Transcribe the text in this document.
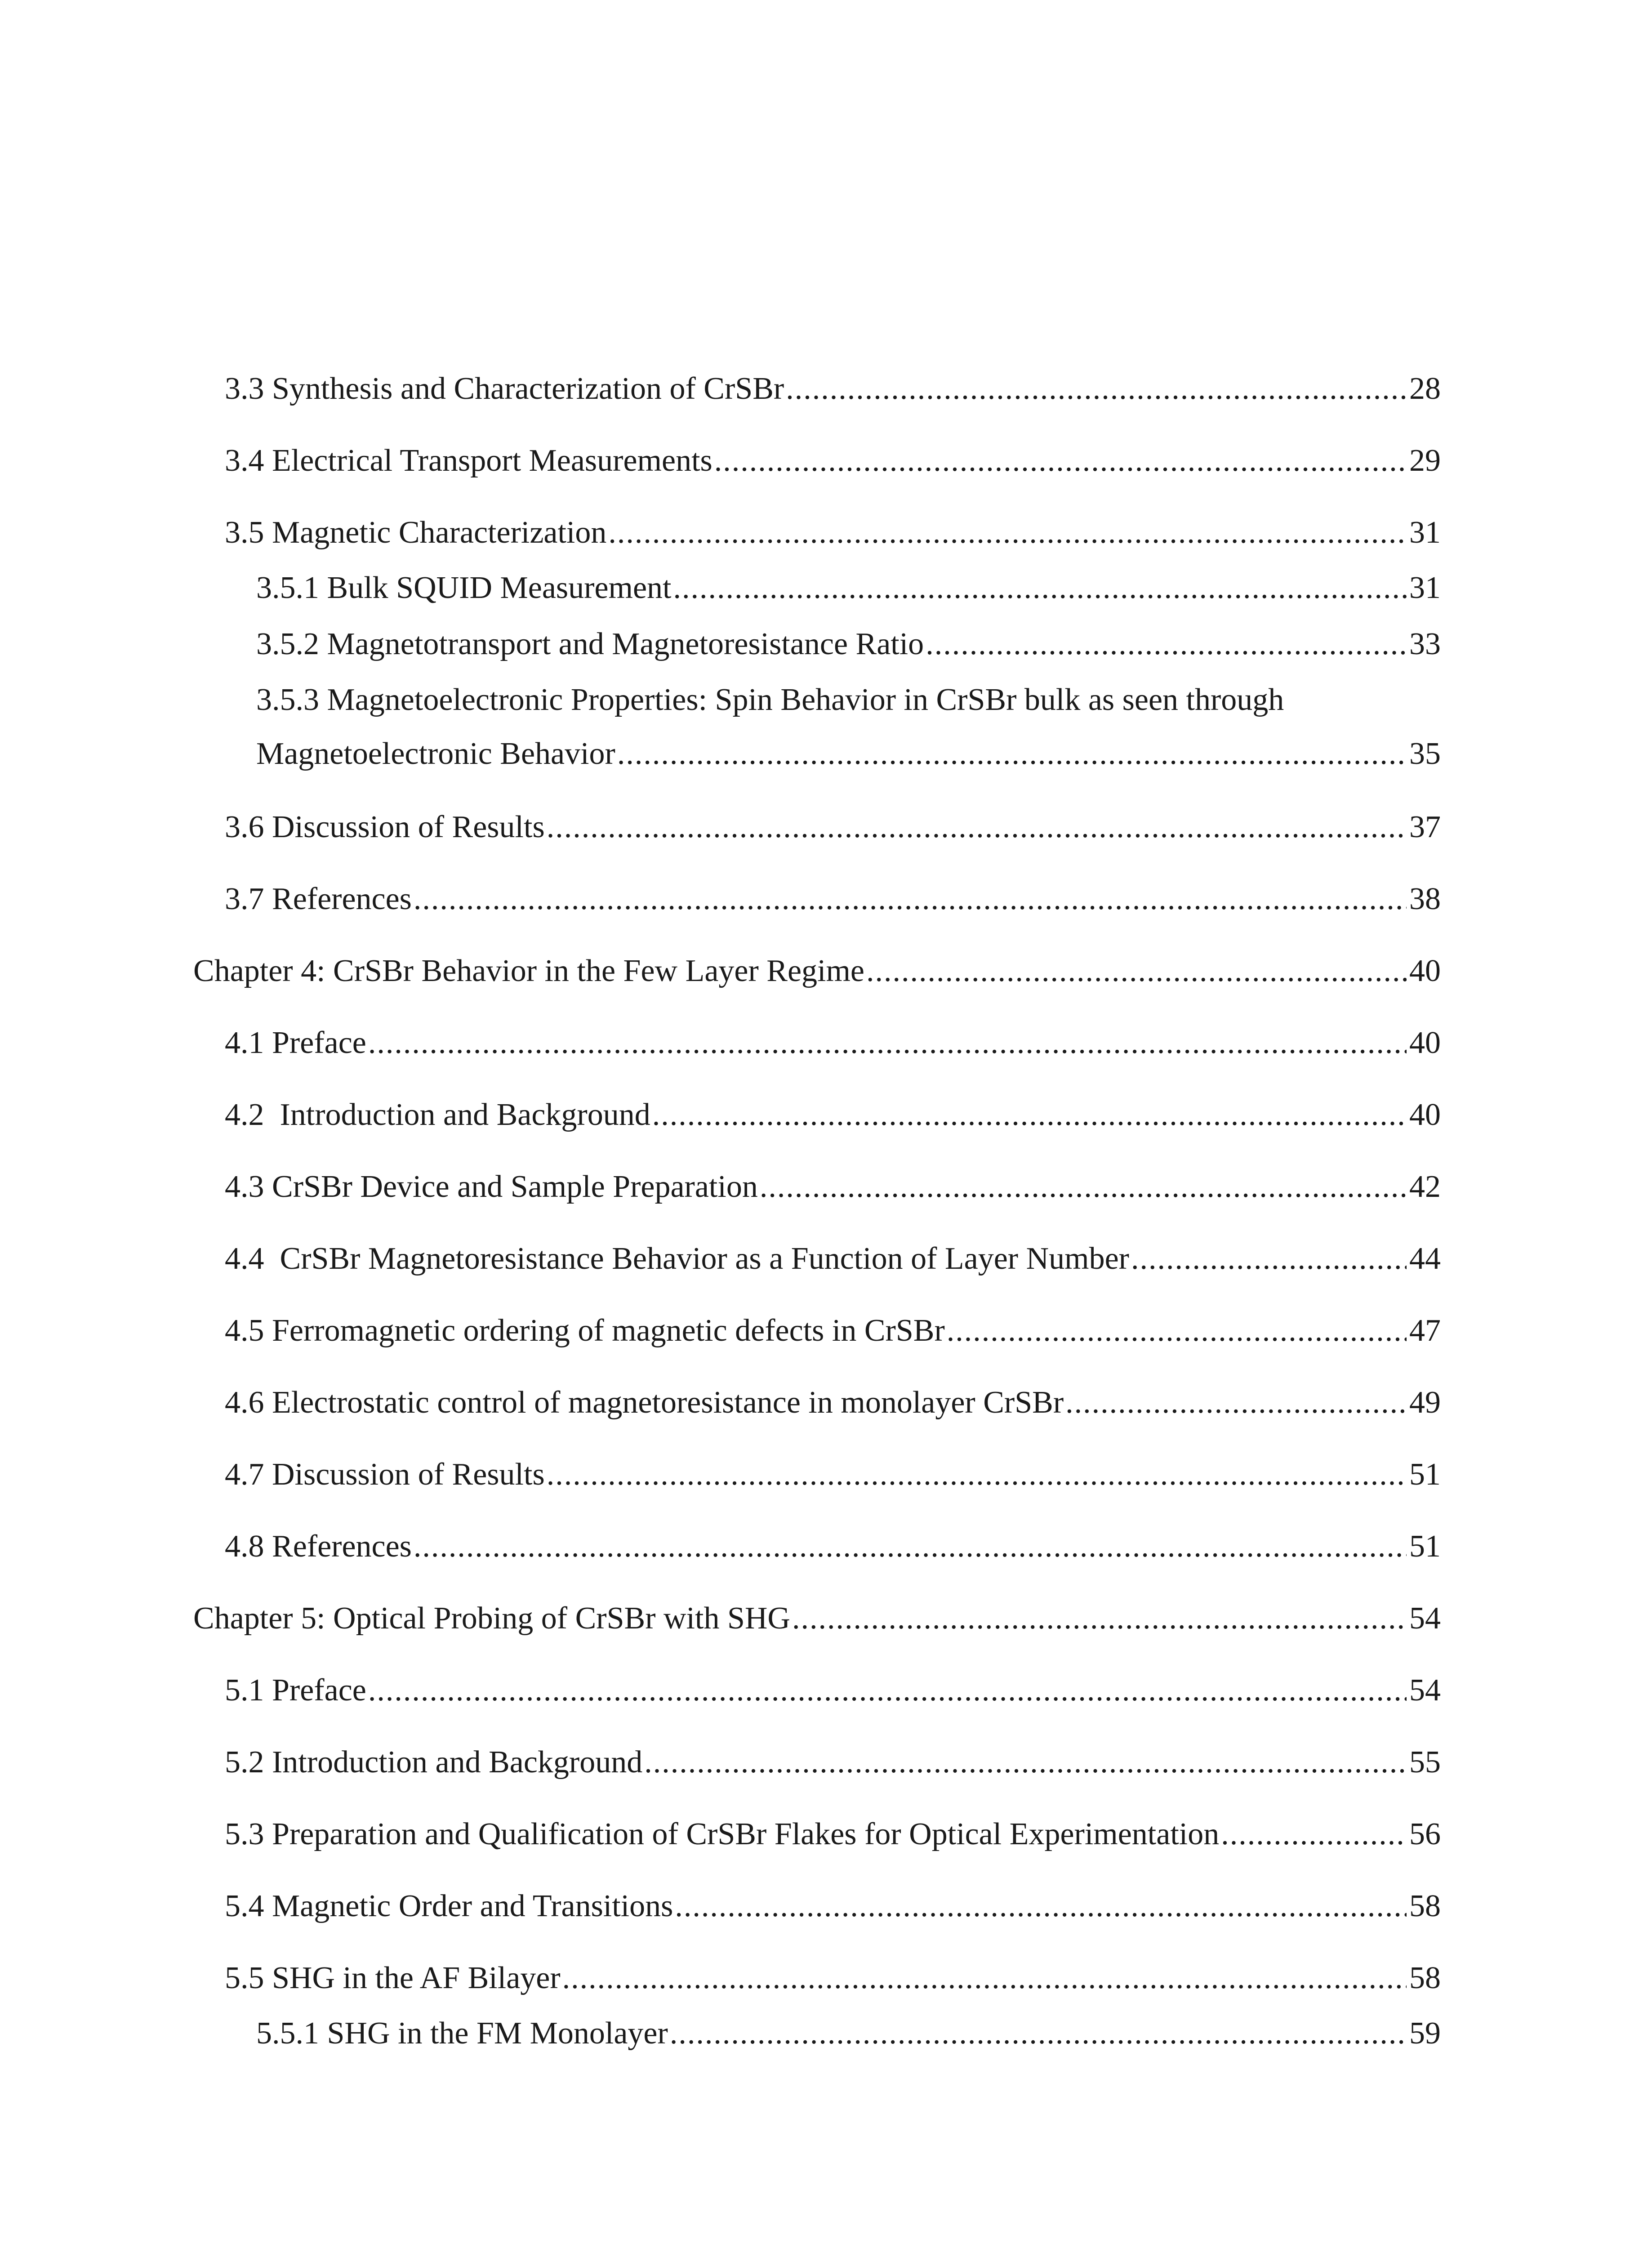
3.3 Synthesis and Characterization of CrSBr .....	28
3.4 Electrical Transport Measurements .....	29
3.5 Magnetic Characterization .....	31
3.5.1 Bulk SQUID Measurement .....	31
3.5.2 Magnetotransport and Magnetoresistance Ratio .....	33
3.5.3 Magnetoelectronic Properties: Spin Behavior in CrSBr bulk as seen through
Magnetoelectronic Behavior .....	35
3.6 Discussion of Results .....	37
3.7 References .....	38
Chapter 4: CrSBr Behavior in the Few Layer Regime .....	40
4.1 Preface .....	40
4.2  Introduction and Background .....	40
4.3 CrSBr Device and Sample Preparation .....	42
4.4  CrSBr Magnetoresistance Behavior as a Function of Layer Number .....	44
4.5 Ferromagnetic ordering of magnetic defects in CrSBr .....	47
4.6 Electrostatic control of magnetoresistance in monolayer CrSBr .....	49
4.7 Discussion of Results .....	51
4.8 References .....	51
Chapter 5: Optical Probing of CrSBr with SHG .....	54
5.1 Preface .....	54
5.2 Introduction and Background .....	55
5.3 Preparation and Qualification of CrSBr Flakes for Optical Experimentation .....	56
5.4 Magnetic Order and Transitions .....	58
5.5 SHG in the AF Bilayer .....	58
5.5.1 SHG in the FM Monolayer .....	59
